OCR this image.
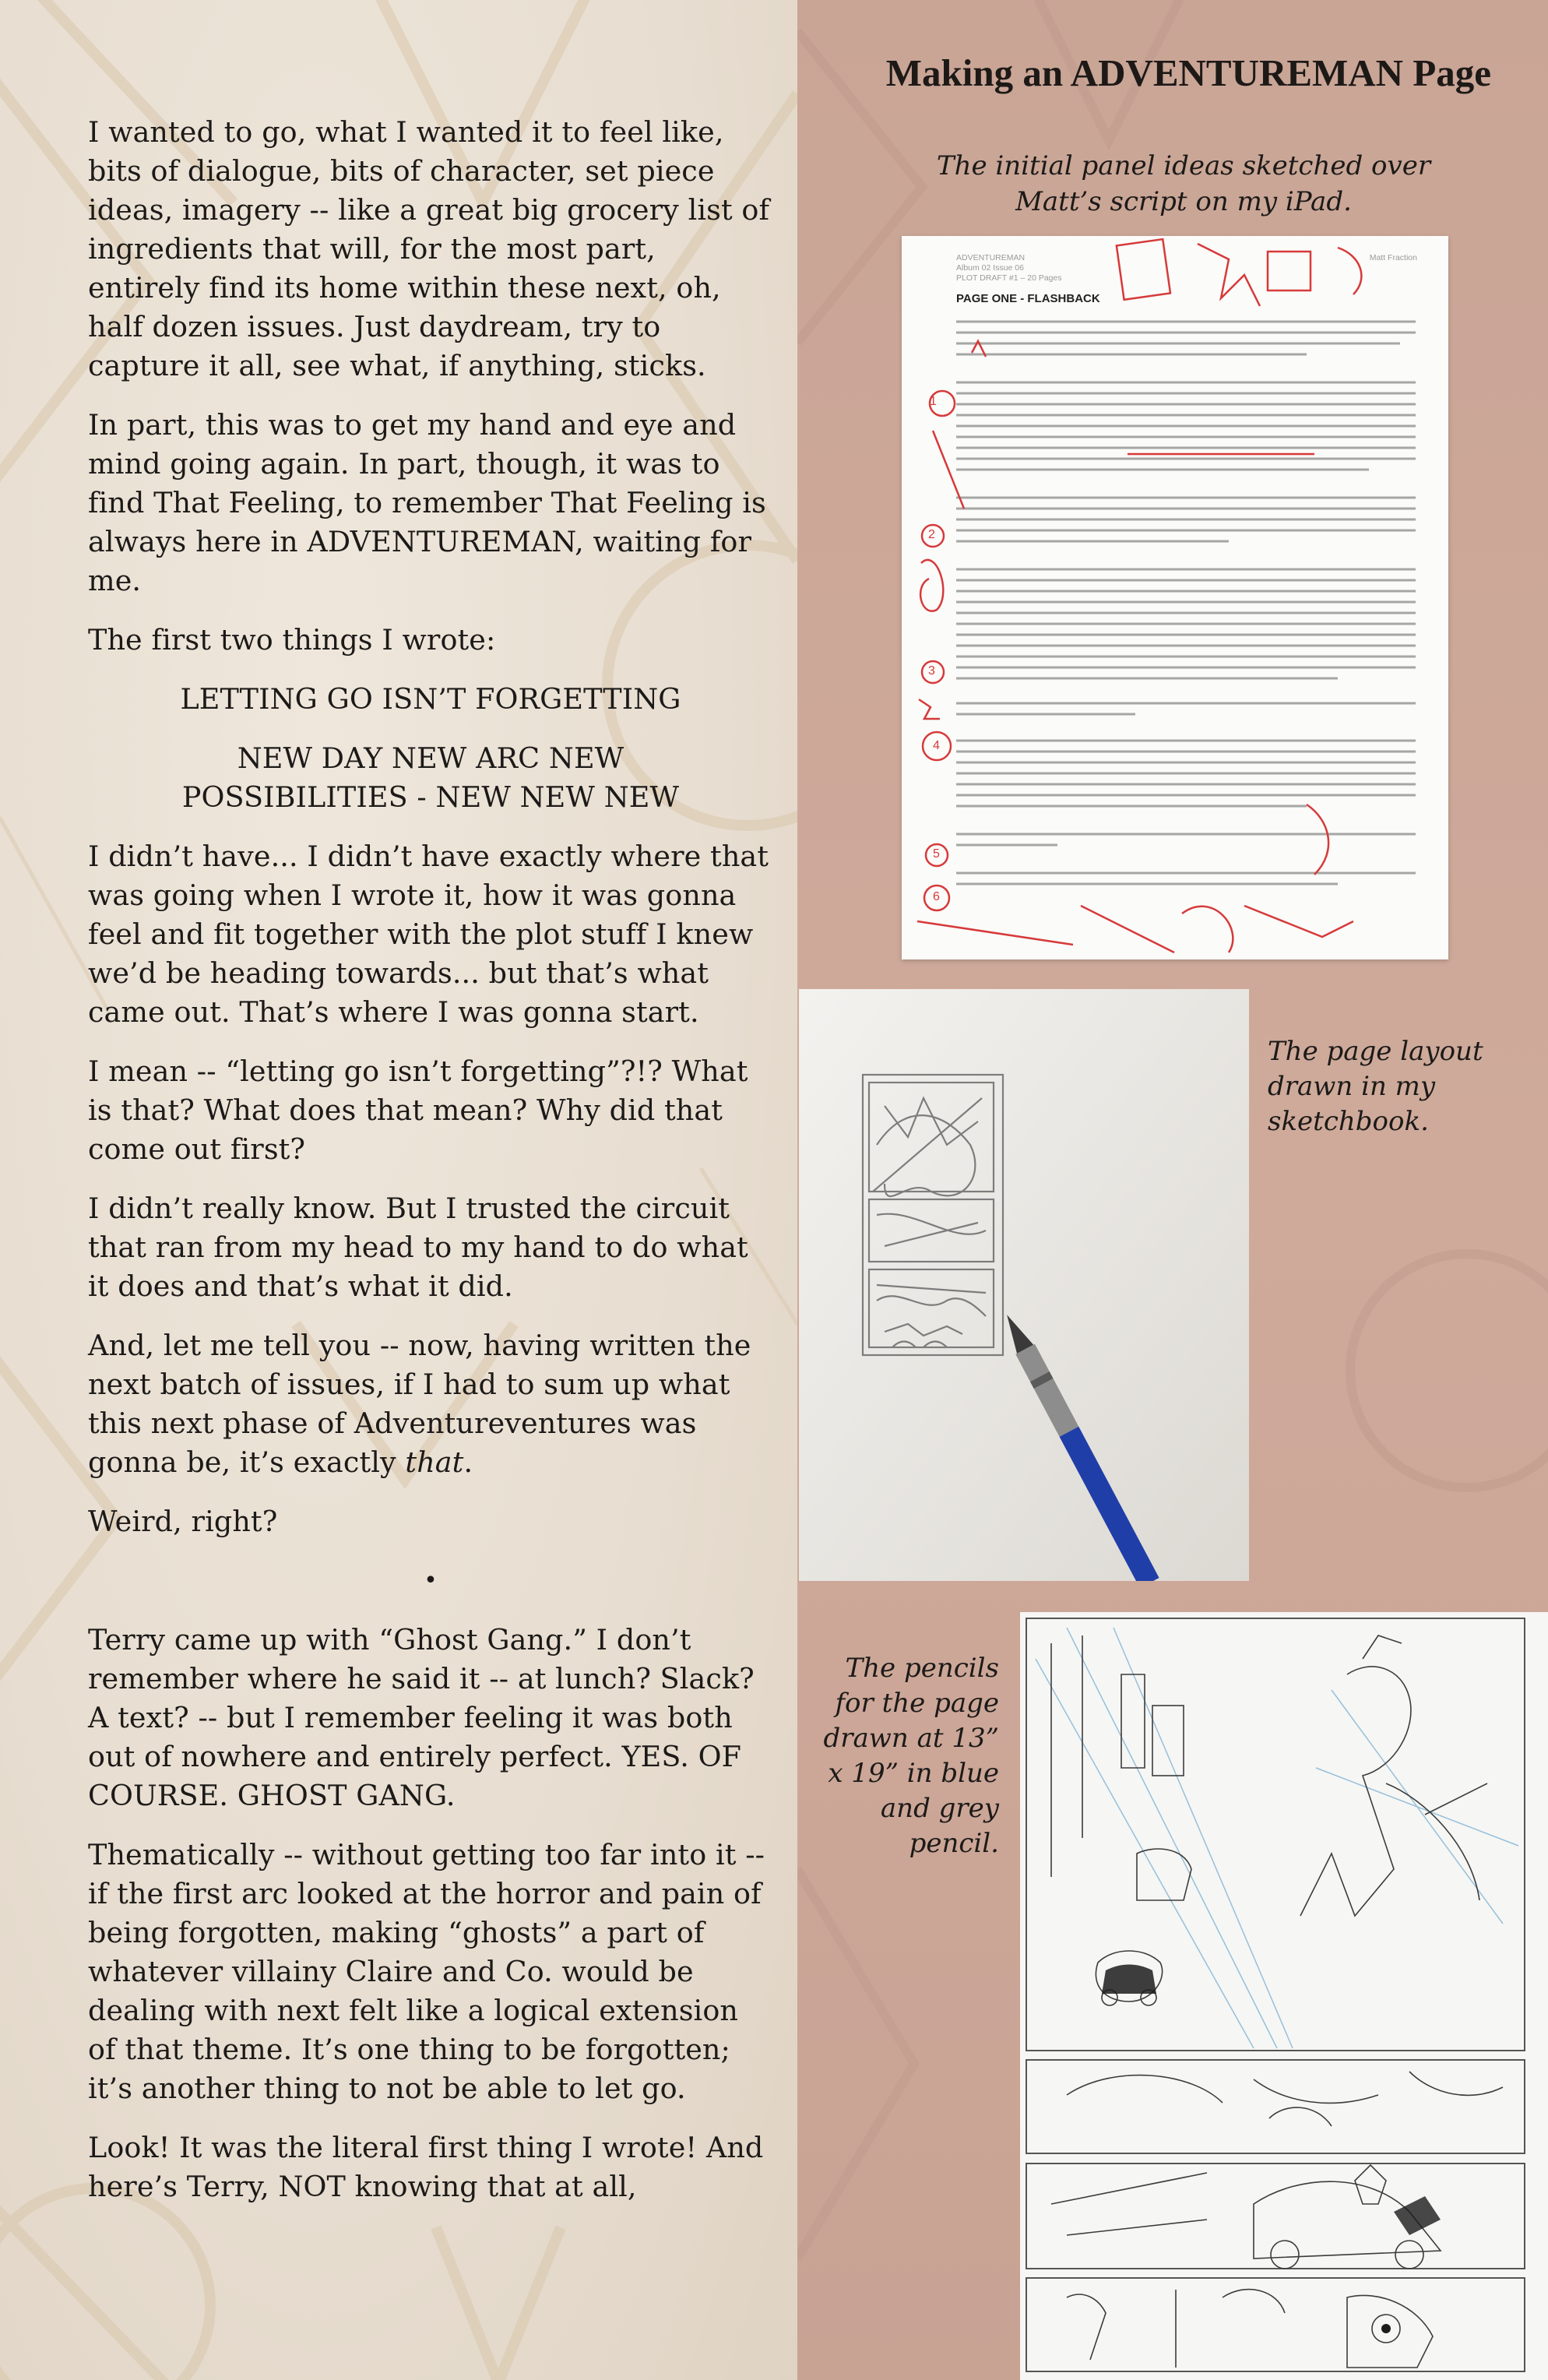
I wanted to go, what I wanted it to feel like, bits of dialogue, bits of character, set piece ideas, imagery -- like a great big grocery list of ingredients that will, for the most part, entirely find its home within these next, oh, half dozen issues. Just daydream, try to capture it all, see what, if anything, sticks.

In part, this was to get my hand and eye and mind going again. In part, though, it was to find That Feeling, to remember That Feeling is always here in ADVENTUREMAN, waiting for me.

The first two things I wrote:

LETTING GO ISN’T FORGETTING
NEW DAY NEW ARC NEW
POSSIBILITIES - NEW NEW NEW

I didn’t have... I didn’t have exactly where that was going when I wrote it, how it was gonna feel and fit together with the plot stuff I knew we’d be heading towards... but that’s what came out. That’s where I was gonna start.

I mean -- “letting go isn’t forgetting”?!? What is that? What does that mean? Why did that come out first?

I didn’t really know. But I trusted the circuit that ran from my head to my hand to do what it does and that’s what it did.

And, let me tell you -- now, having written the next batch of issues, if I had to sum up what this next phase of Adventureventures was gonna be, it’s exactly that.

Weird, right?

•

Terry came up with “Ghost Gang.” I don’t remember where he said it -- at lunch? Slack? A text? -- but I remember feeling it was both out of nowhere and entirely perfect. YES. OF COURSE. GHOST GANG.

Thematically -- without getting too far into it -- if the first arc looked at the horror and pain of being forgotten, making “ghosts” a part of whatever villainy Claire and Co. would be dealing with next felt like a logical extension of that theme. It’s one thing to be forgotten; it’s another thing to not be able to let go.

Look! It was the literal first thing I wrote! And here’s Terry, NOT knowing that at all,

Making an ADVENTUREMAN Page
The initial panel ideas sketched over Matt’s script on my iPad.
ADVENTUREMAN
Album 02 Issue 06
PLOT DRAFT #1 – 20 Pages
Matt Fraction
PAGE ONE - FLASHBACK
1
2
3
4
5
6
The page layout drawn in my sketchbook.
The pencils for the page drawn at 13” x 19” in blue and grey pencil.
